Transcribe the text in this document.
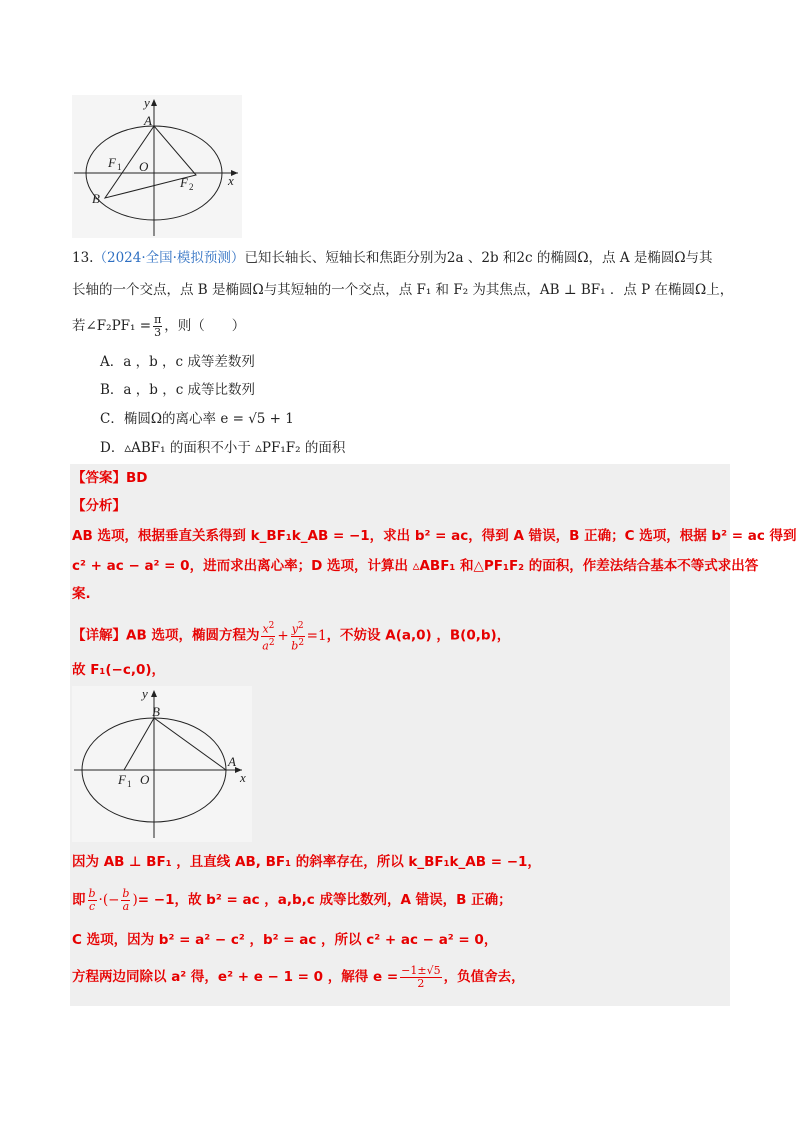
y
x
A
O
F 1
F 2
B
13.（2024·全国·模拟预测）已知长轴长、短轴长和焦距分别为2a 、2b 和2c 的椭圆Ω，点 A 是椭圆Ω与其
长轴的一个交点，点 B 是椭圆Ω与其短轴的一个交点，点 F₁ 和 F₂ 为其焦点，AB ⊥ BF₁ ．点 P 在椭圆Ω上，
若∠F₂PF₁ = $\frac{\pi}{3}$ ，则（　　）
A．a ，b ，c 成等差数列
B．a ，b ，c 成等比数列
C．椭圆Ω的离心率 e = √5 + 1
D．▵ABF₁ 的面积不小于 ▵PF₁F₂ 的面积
【答案】BD
【分析】
AB 选项，根据垂直关系得到 k_BF₁k_AB = −1，求出 b² = ac，得到 A 错误，B 正确；C 选项，根据 b² = ac 得到
c² + ac − a² = 0，进而求出离心率；D 选项，计算出 ▵ABF₁ 和△PF₁F₂ 的面积，作差法结合基本不等式求出答
案.
【详解】AB 选项，椭圆方程为 $\frac{x^2}{a^2} + \frac{y^2}{b^2} =1$，不妨设 A(a,0) ，B(0,b)，
故 F₁(−c,0)，
y
x
B
A
O
F 1
因为 AB ⊥ BF₁ ，且直线 AB, BF₁ 的斜率存在，所以 k_BF₁k_AB = −1，
即 $\frac{b}{c}$ ·(− $\frac{b}{a}$ )= −1，故 b² = ac ，a,b,c 成等比数列，A 错误，B 正确；
C 选项，因为 b² = a² − c² ，b² = ac ，所以 c² + ac − a² = 0，
方程两边同除以 a² 得，e² + e − 1 = 0 ，解得 $e = \frac{-1\pm√5}{2}$ ，负值舍去，
